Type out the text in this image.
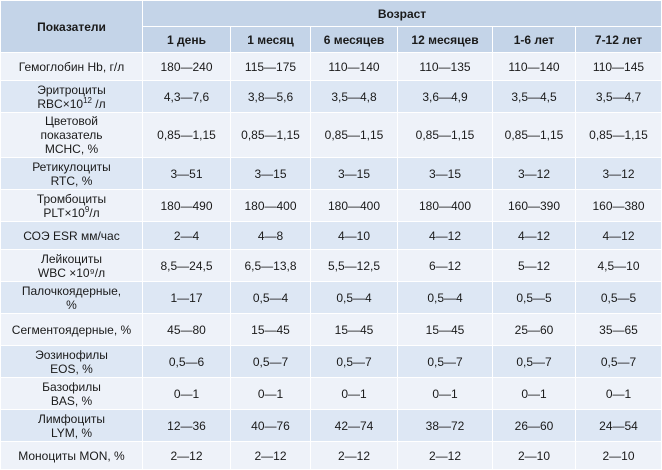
Показатели	Возраст					
	1 день	1 месяц	6 месяцев	12 месяцев	1-6 лет	7-12 лет
Гемоглобин Hb, г/л	180—240	115—175	110—140	110—135	110—140	110—145
Эритроциты
$RBC\times 10^{12}$ /л	4,3—7,6	3,8—5,6	3,5—4,8	3,6—4,9	3,5—4,5	3,5—4,7
Цветовой
показатель
MCHC, %	0,85—1,15	0,85—1,15	0,85—1,15	0,85—1,15	0,85—1,15	0,85—1,15
Ретикулоциты
RTC, %	3—51	3—15	3—15	3—15	3—12	3—12
Тромбоциты
$PLT\times 10^9/л$	180—490	180—400	180—400	180—400	160—390	160—380
СОЭ ESR мм/час	2—4	4—8	4—10	4—12	4—12	4—12
Лейкоциты
WBC ×10⁹/л	8,5—24,5	6,5—13,8	5,5—12,5	6—12	5—12	4,5—10
Палочкоядерные,
%	1—17	0,5—4	0,5—4	0,5—4	0,5—5	0,5—5
Сегментоядерные, %	45—80	15—45	15—45	15—45	25—60	35—65
Эозинофилы
EOS, %	0,5—6	0,5—7	0,5—7	0,5—7	0,5—7	0,5—7
Базофилы
BAS, %	0—1	0—1	0—1	0—1	0—1	0—1
Лимфоциты
LYM, %	12—36	40—76	42—74	38—72	26—60	24—54
Моноциты MON, %	2—12	2—12	2—12	2—12	2—10	2—10
